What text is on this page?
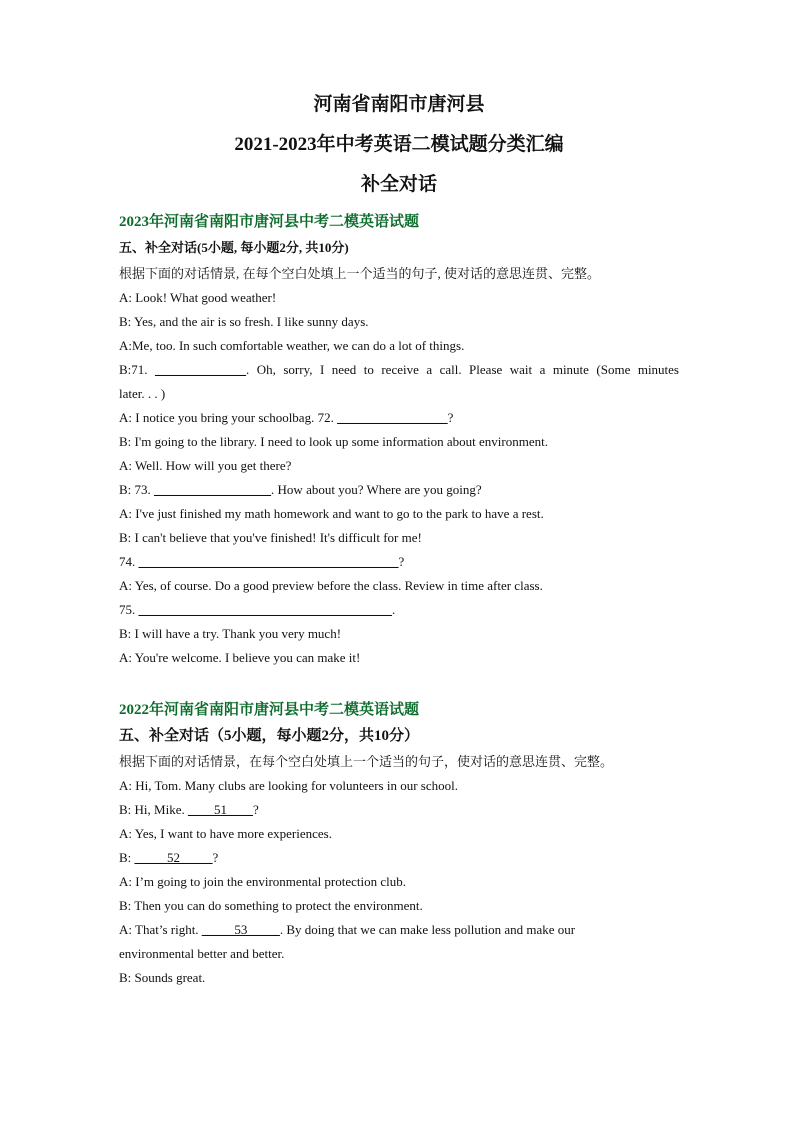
河南省南阳市唐河县

2021-2023年中考英语二模试题分类汇编

补全对话

2023年河南省南阳市唐河县中考二模英语试题
五、补全对话(5小题, 每小题2分, 共10分)
根据下面的对话情景, 在每个空白处填上一个适当的句子, 使对话的意思连贯、完整。
A: Look! What good weather!
B: Yes, and the air is so fresh. I like sunny days.
A:Me, too. In such comfortable weather, we can do a lot of things.
B:71. ______________. Oh, sorry, I need to receive a call. Please wait a minute (Some minutes
later. . . )
A: I notice you bring your schoolbag. 72. _________________?
B: I'm going to the library. I need to look up some information about environment.
A: Well. How will you get there?
B: 73. __________________. How about you? Where are you going?
A: I've just finished my math homework and want to go to the park to have a rest.
B: I can't believe that you've finished! It's difficult for me!
74. ________________________________________?
A: Yes, of course. Do a good preview before the class. Review in time after class.
75. _______________________________________.
B: I will have a try. Thank you very much!
A: You're welcome. I believe you can make it!
2022年河南省南阳市唐河县中考二模英语试题
五、补全对话（5小题，每小题2分，共10分）
根据下面的对话情景，在每个空白处填上一个适当的句子，使对话的意思连贯、完整。
A: Hi, Tom. Many clubs are looking for volunteers in our school.
B: Hi, Mike. ____51____?
A: Yes, I want to have more experiences.
B: _____52_____?
A: I’m going to join the environmental protection club.
B: Then you can do something to protect the environment.
A: That’s right. _____53_____. By doing that we can make less pollution and make our
environmental better and better.
B: Sounds great.
